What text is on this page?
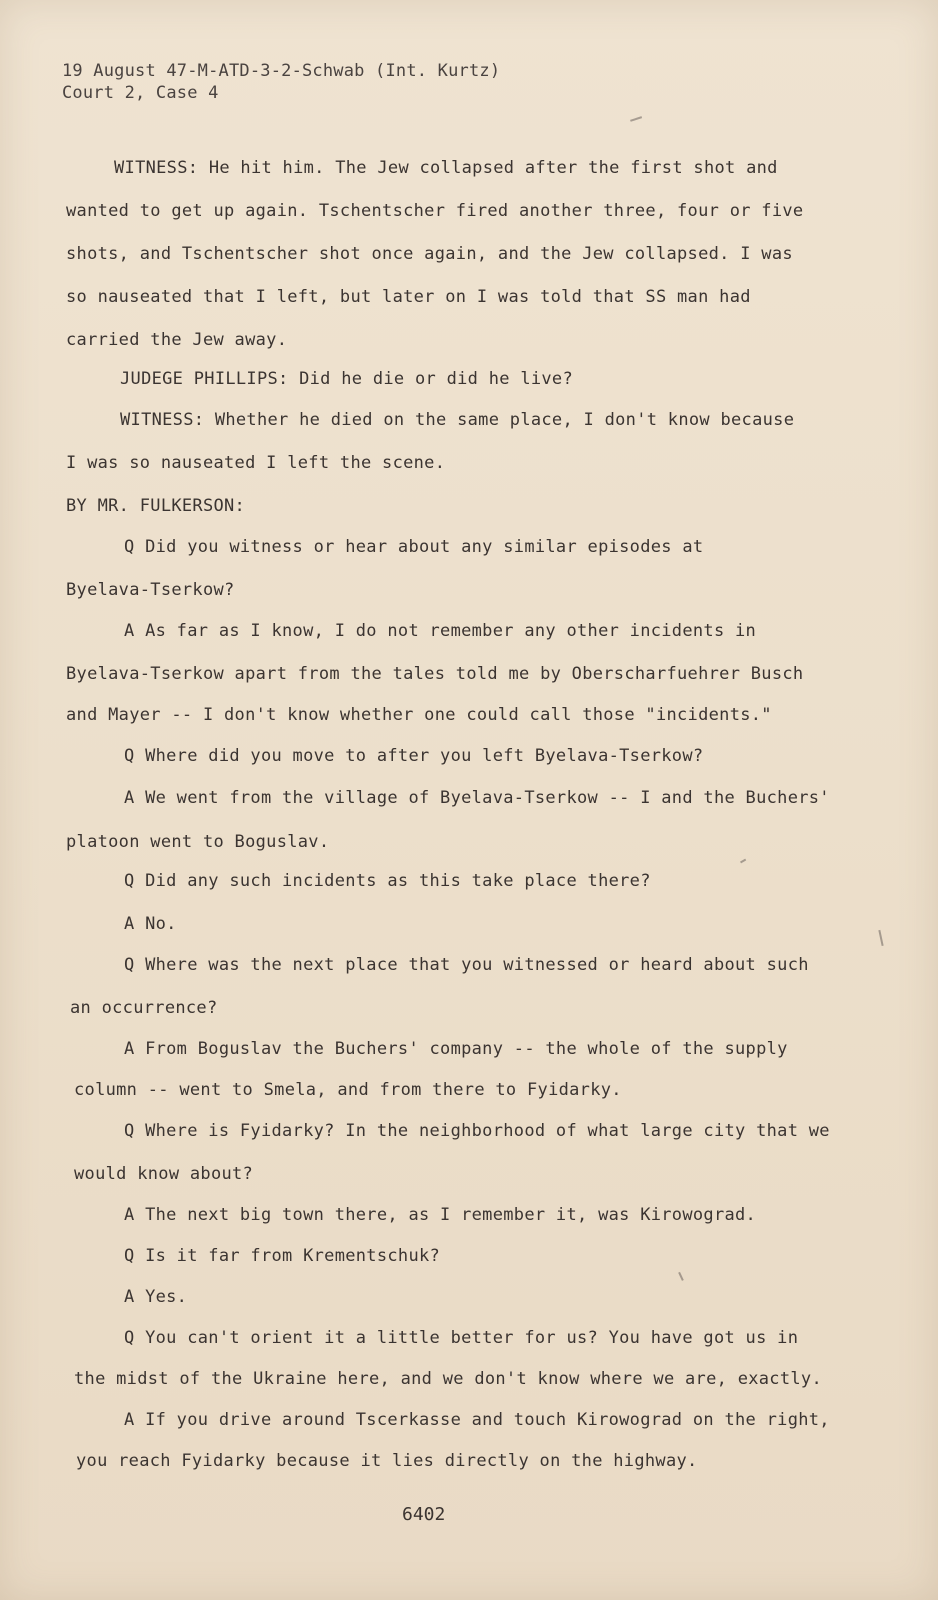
19 August 47-M-ATD-3-2-Schwab (Int. Kurtz)
Court 2, Case 4
WITNESS: He hit him. The Jew collapsed after the first shot and
wanted to get up again. Tschentscher fired another three, four or five
shots, and Tschentscher shot once again, and the Jew collapsed. I was
so nauseated that I left, but later on I was told that SS man had
carried the Jew away.
JUDEGE PHILLIPS: Did he die or did he live?
WITNESS: Whether he died on the same place, I don't know because
I was so nauseated I left the scene.
BY MR. FULKERSON:
Q Did you witness or hear about any similar episodes at
Byelava-Tserkow?
A As far as I know, I do not remember any other incidents in
Byelava-Tserkow apart from the tales told me by Oberscharfuehrer Busch
and Mayer -- I don't know whether one could call those "incidents."
Q Where did you move to after you left Byelava-Tserkow?
A We went from the village of Byelava-Tserkow -- I and the Buchers'
platoon went to Boguslav.
Q Did any such incidents as this take place there?
A No.
Q Where was the next place that you witnessed or heard about such
an occurrence?
A From Boguslav the Buchers' company -- the whole of the supply
column -- went to Smela, and from there to Fyidarky.
Q Where is Fyidarky? In the neighborhood of what large city that we
would know about?
A The next big town there, as I remember it, was Kirowograd.
Q Is it far from Krementschuk?
A Yes.
Q You can't orient it a little better for us? You have got us in
the midst of the Ukraine here, and we don't know where we are, exactly.
A If you drive around Tscerkasse and touch Kirowograd on the right,
you reach Fyidarky because it lies directly on the highway.
6402
